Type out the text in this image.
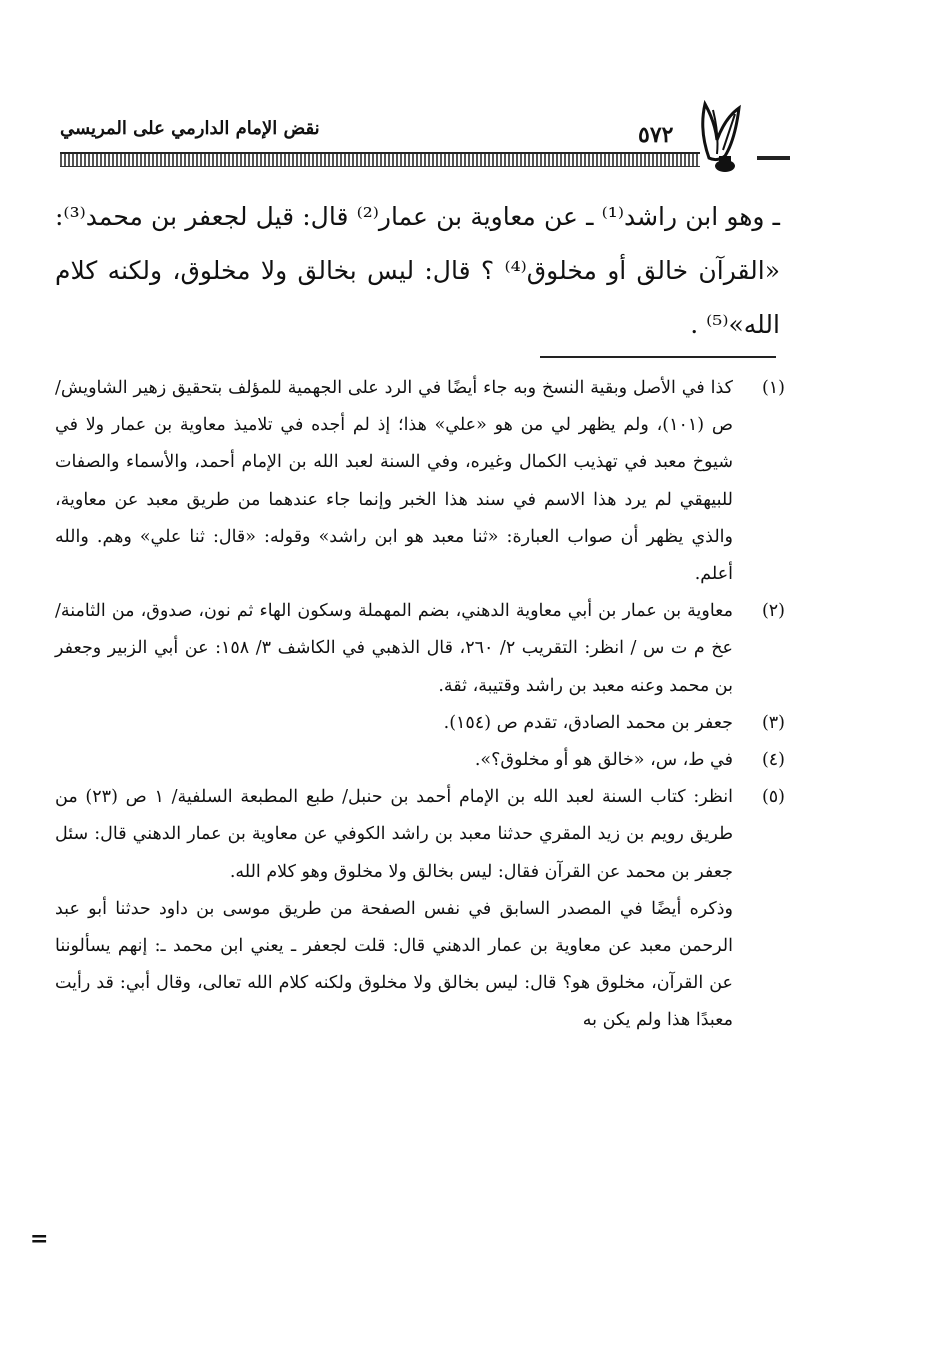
نقض الإمام الدارمي على المريسي	٥٧٢

ـ وهو ابن راشد⁽¹⁾ ـ عن معاوية بن عمار⁽²⁾ قال: قيل لجعفر بن محمد⁽³⁾: «القرآن خالق أو مخلوق⁽⁴⁾ ؟ قال: ليس بخالق ولا مخلوق، ولكنه كلام الله»⁽⁵⁾ .

(١)
كذا في الأصل وبقية النسخ وبه جاء أيضًا في الرد على الجهمية للمؤلف بتحقيق زهير الشاويش/ ص (١٠١)، ولم يظهر لي من هو «علي» هذا؛ إذ لم أجده في تلاميذ معاوية بن عمار ولا في شيوخ معبد في تهذيب الكمال وغيره، وفي السنة لعبد الله بن الإمام أحمد، والأسماء والصفات للبيهقي لم يرد هذا الاسم في سند هذا الخبر وإنما جاء عندهما من طريق معبد عن معاوية، والذي يظهر أن صواب العبارة: «ثنا معبد هو ابن راشد» وقوله: «قال: ثنا علي» وهم. والله أعلم.
(٢)
معاوية بن عمار بن أبي معاوية الدهني، بضم المهملة وسكون الهاء ثم نون، صدوق، من الثامنة/ عخ م ت س / انظر: التقريب ٢/ ٢٦٠، قال الذهبي في الكاشف ٣/ ١٥٨: عن أبي الزبير وجعفر بن محمد وعنه معبد بن راشد وقتيبة، ثقة.
(٣)
جعفر بن محمد الصادق، تقدم ص (١٥٤).
(٤)
في ط، س، «خالق هو أو مخلوق؟».
(٥)
انظر: كتاب السنة لعبد الله بن الإمام أحمد بن حنبل/ طبع المطبعة السلفية/ ١ ص (٢٣) من طريق رويم بن زيد المقري حدثنا معبد بن راشد الكوفي عن معاوية بن عمار الدهني قال: سئل جعفر بن محمد عن القرآن فقال: ليس بخالق ولا مخلوق وهو كلام الله.
وذكره أيضًا في المصدر السابق في نفس الصفحة من طريق موسى بن داود حدثنا أبو عبد الرحمن معبد عن معاوية بن عمار الدهني قال: قلت لجعفر ـ يعني ابن محمد ـ: إنهم يسألوننا عن القرآن، مخلوق هو؟ قال: ليس بخالق ولا مخلوق ولكنه كلام الله تعالى، وقال أبي: قد رأيت معبدًا هذا ولم يكن به
=
